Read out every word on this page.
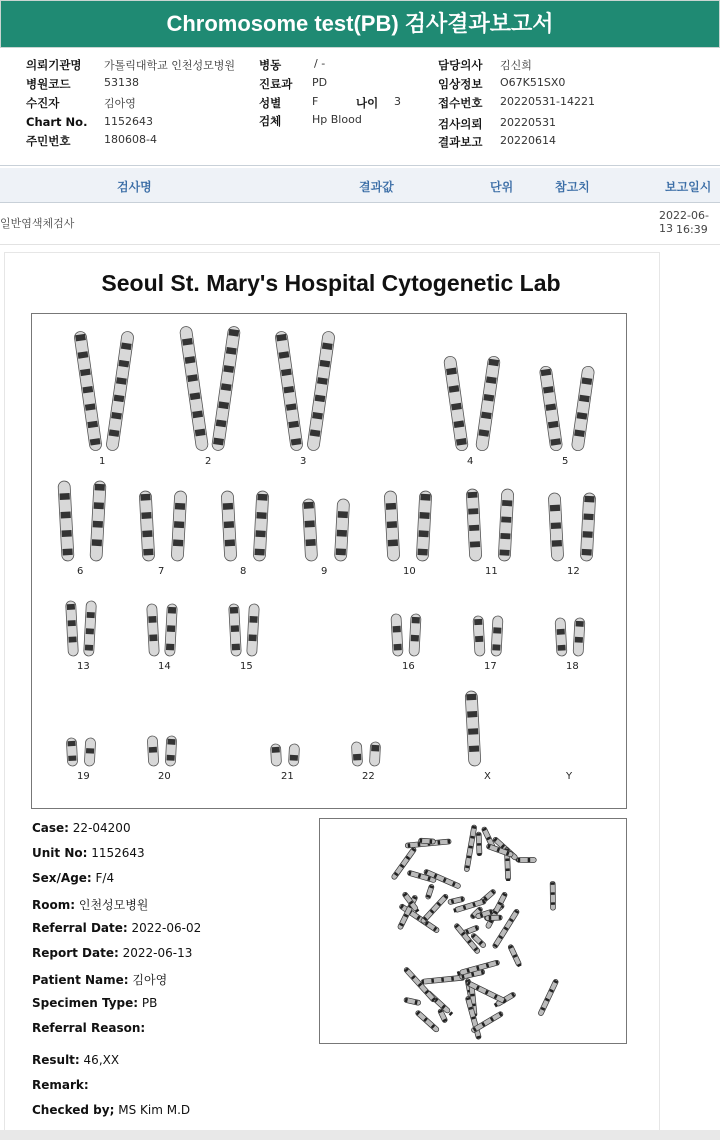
Chromosome test(PB) 검사결과보고서
의뢰기관명 가톨릭대학교 인천성모병원
병원코드	53138
수진자	김아영
Chart No. 1152643
주민번호	180608-4
병동	/ -
진료과 PD
성별	F	나이 3
검체	Hp Blood
담당의사 김신희
임상정보 O67K51SX0
접수번호 20220531-14221
검사의뢰 20220531
결과보고 20220614
검사명	결과값	단위	참고치	보고일시
일반염색체검사
2022-06-13 16:39
Seoul St. Mary's Hospital Cytogenetic Lab
1	2	3	4	5
6	7	8	9	10	11	12
13	14	15	16	17	18
19	20	21	22	X	Y
Case: 22-04200
Unit No: 1152643
Sex/Age: F/4
Room: 인천성모병원
Referral Date: 2022-06-02
Report Date: 2022-06-13
Patient Name: 김아영
Specimen Type: PB
Referral Reason:
Result: 46,XX
Remark:
Checked by; MS Kim M.D
